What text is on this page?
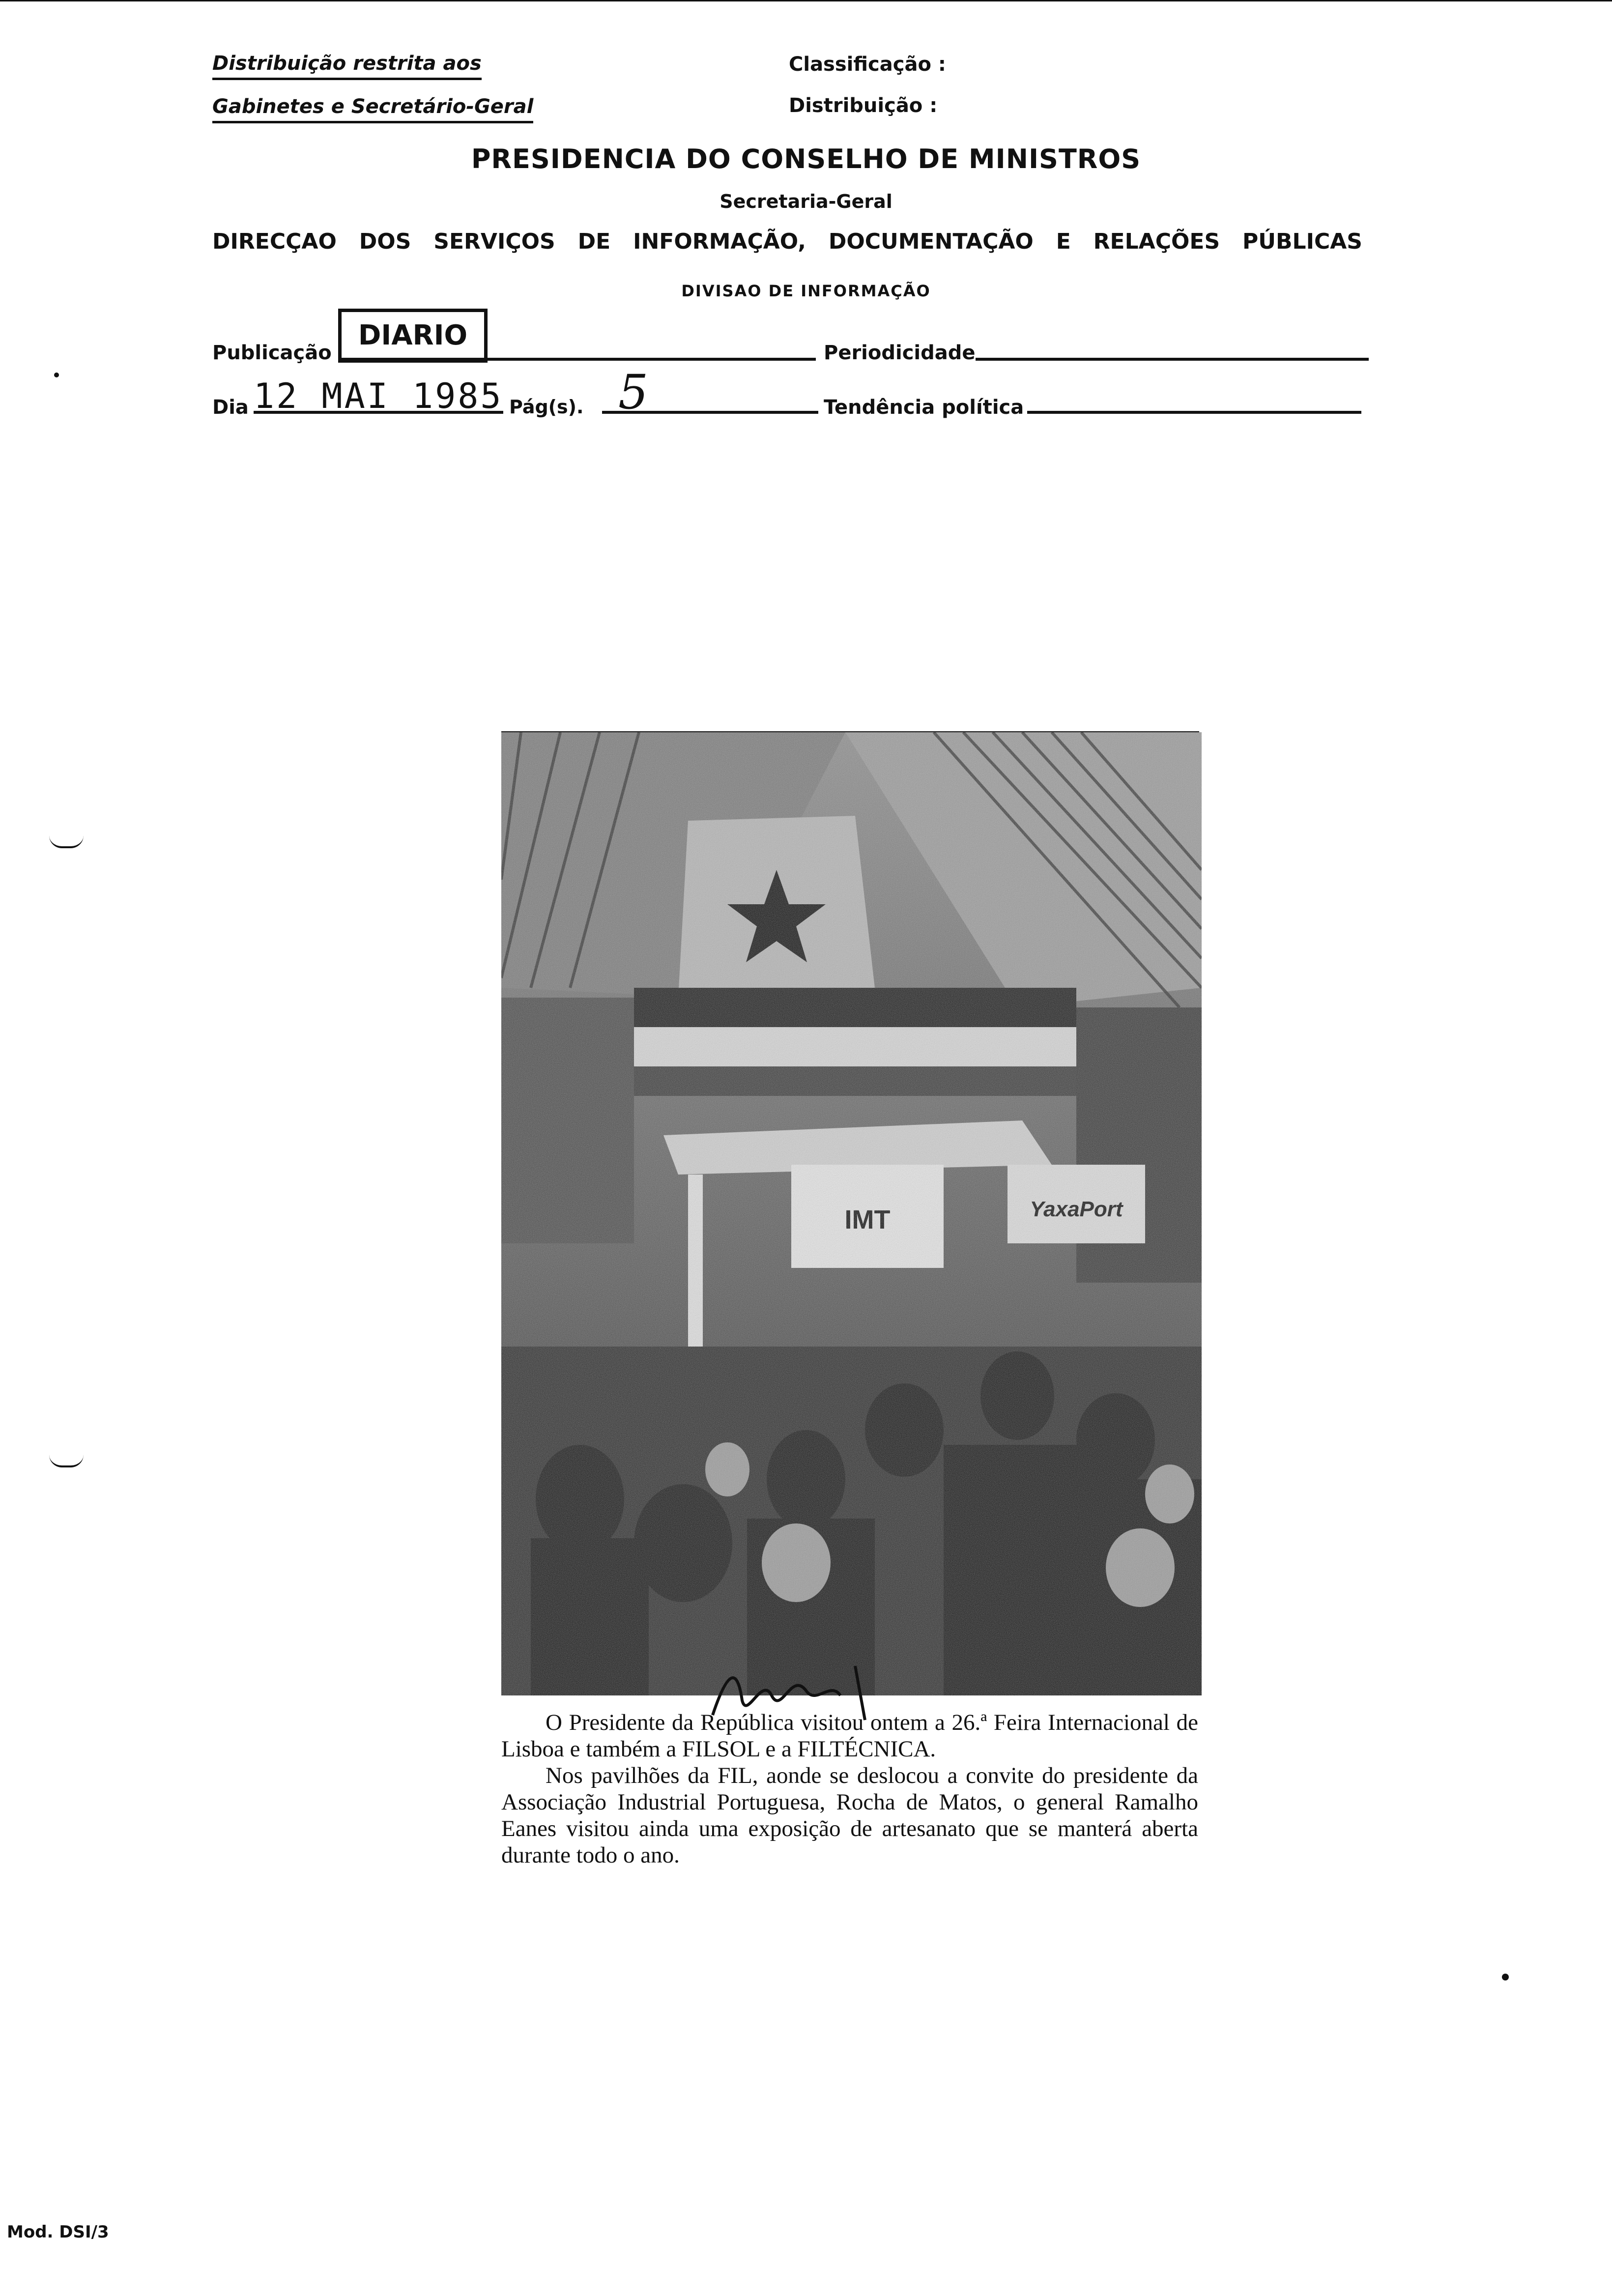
Distribuição restrita aos
Gabinetes e Secretário-Geral
Classificação :
Distribuição :
PRESIDENCIA DO CONSELHO DE MINISTROS
Secretaria-Geral
DIRECÇAO DOS SERVIÇOS DE INFORMAÇÃO, DOCUMENTAÇÃO E RELAÇÕES PÚBLICAS
DIVISAO DE INFORMAÇÃO
Publicação
DIARIO
Periodicidade
Dia 12 MAI 1985 Pág(s). 5	Tendência política

O Presidente da República visitou ontem a 26.ª Feira Internacional de Lisboa e também a FILSOL e a FILTÉCNICA.

Nos pavilhões da FIL, aonde se deslocou a convite do presidente da Associação Industrial Portuguesa, Rocha de Matos, o general Ramalho Eanes visitou ainda uma exposição de artesanato que se manterá aberta durante todo o ano.

Mod. DSI/3
